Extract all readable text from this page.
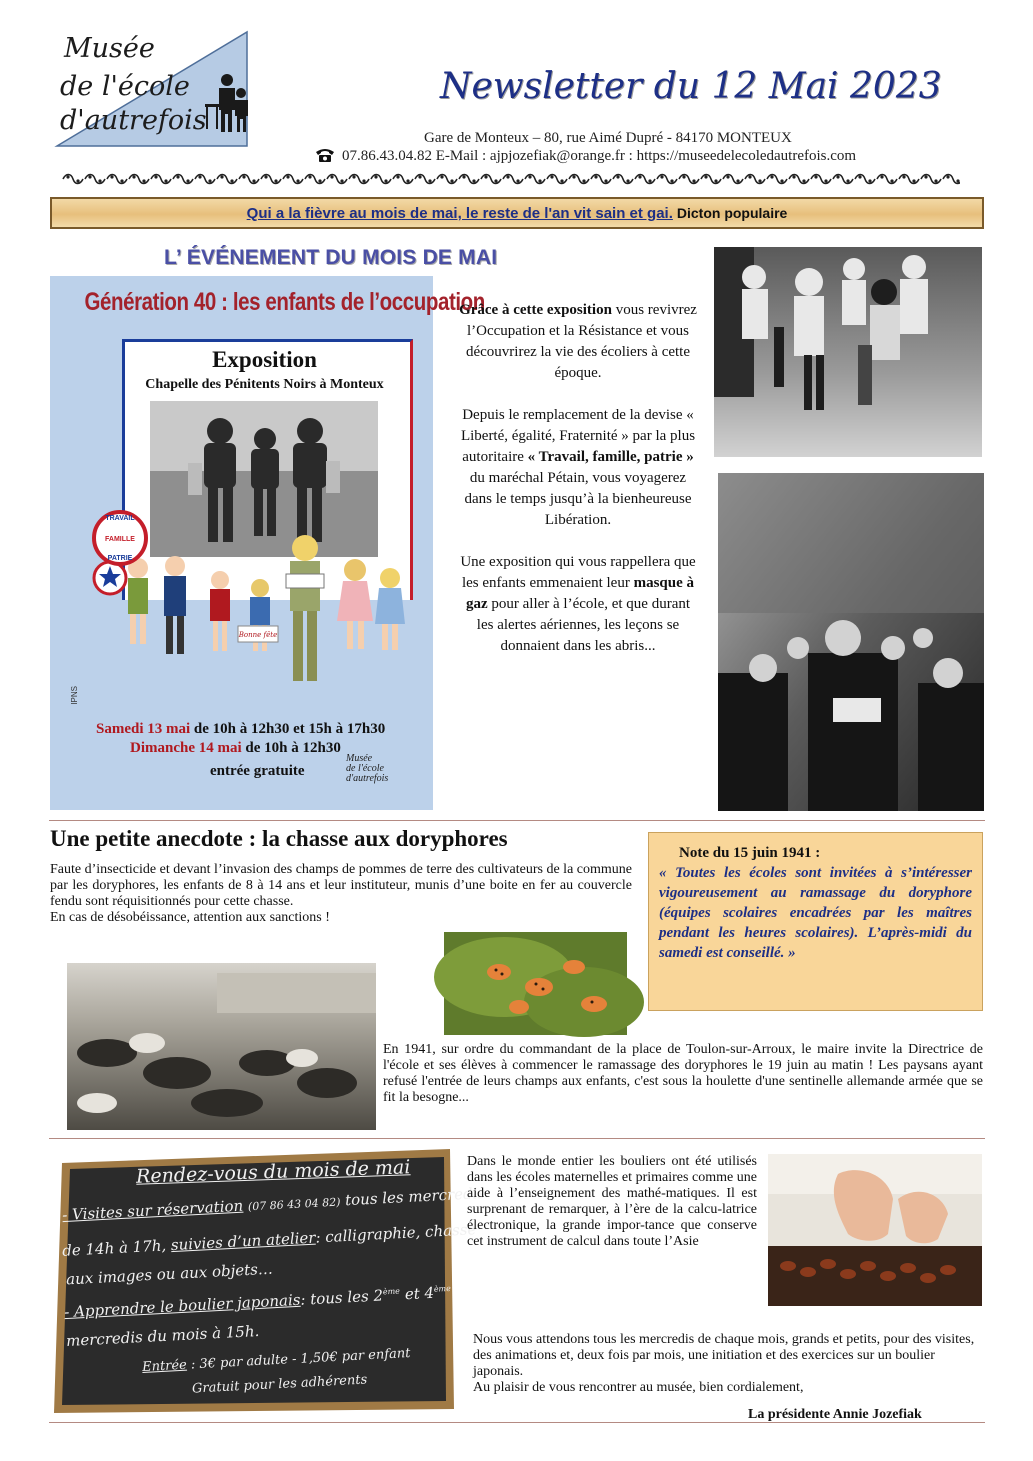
Musée
de l'école
d'autrefois
Newsletter du 12 Mai 2023
Gare de Monteux – 80, rue Aimé Dupré - 84170 MONTEUX
07.86.43.04.82 E-Mail : ajpjozefiak@orange.fr : https://museedelecoledautrefois.com
Qui a la fièvre au mois de mai, le reste de l'an vit sain et gai. Dicton populaire
L’ ÉVÉNEMENT DU MOIS DE MAI
Génération 40 : les enfants de l’occupation
Exposition
Chapelle des Pénitents Noirs à Monteux
Bonne fête
TRAVAIL
FAMILLE
PATRIE
IPNS
Samedi 13 mai de 10h à 12h30 et 15h à 17h30
Dimanche 14 mai de 10h à 12h30
entrée gratuite
Musée
de l'école
d'autrefois

Grâce à cette exposition vous revivrez l’Occupation et la Résistance et vous découvrirez la vie des écoliers à cette époque.

Depuis le remplacement de la devise « Liberté, égalité, Fraternité » par la plus autoritaire « Travail, famille, patrie » du maréchal Pétain, vous voyagerez dans le temps jusqu’à la bienheureuse Libération.

Une exposition qui vous rappellera que les enfants emmenaient leur masque à gaz pour aller à l’école, et que durant les alertes aériennes, les leçons se donnaient dans les abris...

Une petite anecdote : la chasse aux doryphores

Faute d’insecticide et devant l’invasion des champs de pommes de terre des cultivateurs de la commune par les doryphores, les enfants de 8 à 14 ans et leur instituteur, munis d’une boite en fer au couvercle fendu sont réquisitionnés pour cette chasse.

En cas de désobéissance, attention aux sanctions !

Note du 15 juin 1941 :
« Toutes les écoles sont invitées à s’intéresser vigoureusement au ramassage du doryphore (équipes scolaires encadrées par les maîtres pendant les heures scolaires). L’après-midi du samedi est conseillé. »
En 1941, sur ordre du commandant de la place de Toulon-sur-Arroux, le maire invite la Directrice de l'école et ses élèves à commencer le ramassage des doryphores le 19 juin au matin ! Les paysans ayant refusé l'entrée de leurs champs aux enfants, c'est sous la houlette d'une sentinelle allemande armée que se fit la besogne...
Rendez-vous du mois de mai
- Visites sur réservation (07 86 43 04 82) tous les mercredis
de 14h à 17h, suivies d’un atelier: calligraphie, chasse
aux images ou aux objets…
- Apprendre le boulier japonais: tous les 2ème et 4ème
mercredis du mois à 15h.
Entrée : 3€ par adulte - 1,50€ par enfant
Gratuit pour les adhérents
Dans le monde entier les bouliers ont été utilisés dans les écoles maternelles et primaires comme une aide à l’enseignement des mathé-matiques. Il est surprenant de remarquer, à l’ère de la calcu-latrice électronique, la grande impor-tance que conserve cet instrument de calcul dans toute l’Asie
Nous vous attendons tous les mercredis de chaque mois, grands et petits, pour des visites, des animations et, deux fois par mois, une initiation et des exercices sur un boulier japonais.
Au plaisir de vous rencontrer au musée, bien cordialement,
La présidente Annie Jozefiak
